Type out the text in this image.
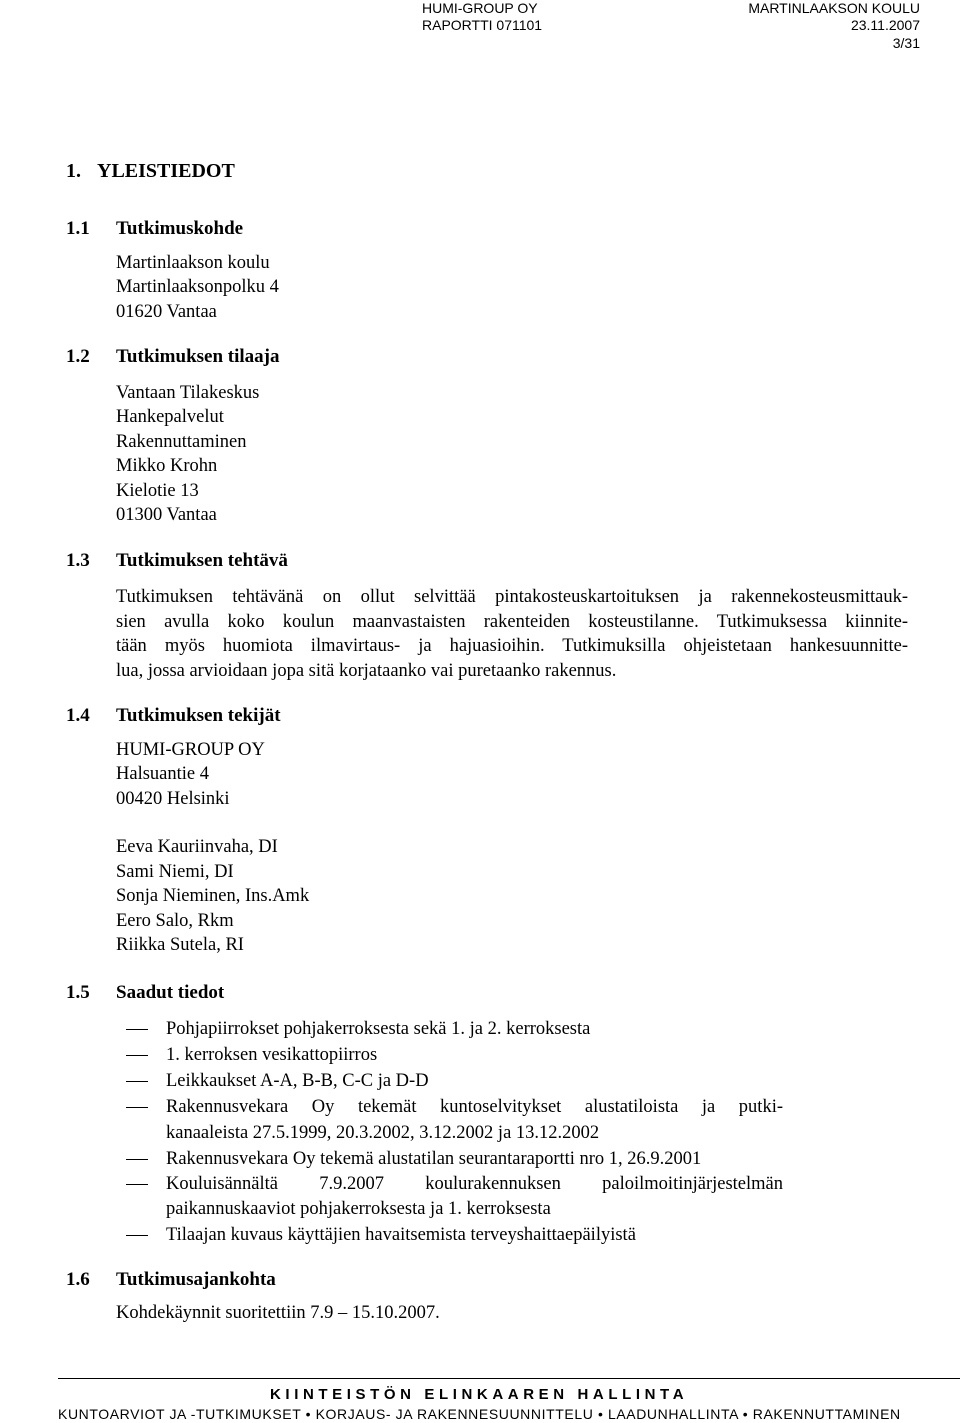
HUMI-GROUP OY
RAPORTTI 071101
MARTINLAAKSON KOULU
23.11.2007
3/31
1. YLEISTIEDOT
1.1 Tutkimuskohde
Martinlaakson koulu
Martinlaaksonpolku 4
01620 Vantaa
1.2 Tutkimuksen tilaaja
Vantaan Tilakeskus
Hankepalvelut
Rakennuttaminen
Mikko Krohn
Kielotie 13
01300 Vantaa
1.3 Tutkimuksen tehtävä
Tutkimuksen tehtävänä on ollut selvittää pintakosteuskartoituksen ja rakennekosteusmittauk-
sien avulla koko koulun maanvastaisten rakenteiden kosteustilanne. Tutkimuksessa kiinnite-
tään myös huomiota ilmavirtaus- ja hajuasioihin. Tutkimuksilla ohjeistetaan hankesuunnitte-
lua, jossa arvioidaan jopa sitä korjataanko vai puretaanko rakennus.
1.4 Tutkimuksen tekijät
HUMI-GROUP OY
Halsuantie 4
00420 Helsinki
Eeva Kauriinvaha, DI
Sami Niemi, DI
Sonja Nieminen, Ins.Amk
Eero Salo, Rkm
Riikka Sutela, RI
1.5 Saadut tiedot
Pohjapiirrokset pohjakerroksesta sekä 1. ja 2. kerroksesta
1. kerroksen vesikattopiirros
Leikkaukset A-A, B-B, C-C ja D-D
Rakennusvekara Oy tekemät kuntoselvitykset alustatiloista ja putki-
kanaaleista 27.5.1999, 20.3.2002, 3.12.2002 ja 13.12.2002
Rakennusvekara Oy tekemä alustatilan seurantaraportti nro 1, 26.9.2001
Kouluisännältä 7.9.2007 koulurakennuksen paloilmoitinjärjestelmän
paikannuskaaviot pohjakerroksesta ja 1. kerroksesta
Tilaajan kuvaus käyttäjien havaitsemista terveyshaittaepäilyistä
1.6 Tutkimusajankohta
Kohdekäynnit suoritettiin 7.9 – 15.10.2007.
KIINTEISTÖN ELINKAAREN HALLINTA
KUNTOARVIOT JA -TUTKIMUKSET • KORJAUS- JA RAKENNESUUNNITTELU • LAADUNHALLINTA • RAKENNUTTAMINEN
